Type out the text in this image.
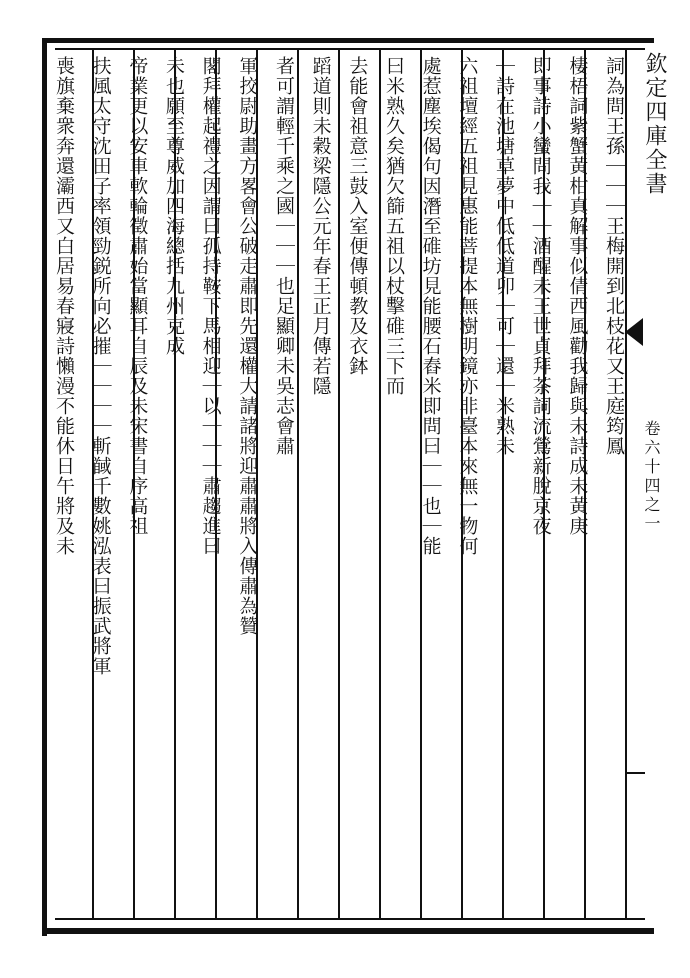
欽定四庫全書
卷六十四之一
詞為問王孫｜｜｜王梅開到北枝花又王庭筠鳳
棲梧詞紫蟹黃柑真解事似倩西風勸我歸與未詩成未黃庚
即事詩小蠻問我｜｜酒醒未王世貞拜茶詞流鶯新脫京夜
｜詩在池塘草夢中低低道卯｜可｜還｜米熟未
六祖壇經五祖見惠能菩提本無樹明鏡亦非臺本來無一物何
處惹塵埃偈句因潛至碓坊見能腰石舂米即問曰｜｜也｜能
曰米熟久矣猶欠篩五祖以杖擊碓三下而
去能會祖意三鼓入室便傳頓教及衣鉢
蹈道則未穀梁隱公元年春王正月傳若隱
者可謂輕千乘之國｜｜｜也足顯卿未吳志會肅
軍挍尉助畫方畧會公破走肅即先還權大請諸將迎肅肅將入傳肅為贊
閣拜權起禮之因謂曰孤持鞍下馬相迎｜以｜｜｜肅趨進曰
未也願至尊威加四海總括九州克成
帝業更以安車軟輪徵肅始當顯耳自辰及未宋書自序高祖
扶風太守沈田子率領勁鋭所向必摧｜｜｜｜斬馘千數姚泓表曰振武將軍
喪旗棄衆奔還灞西又白居易春寢詩懶漫不能休日午將及未
